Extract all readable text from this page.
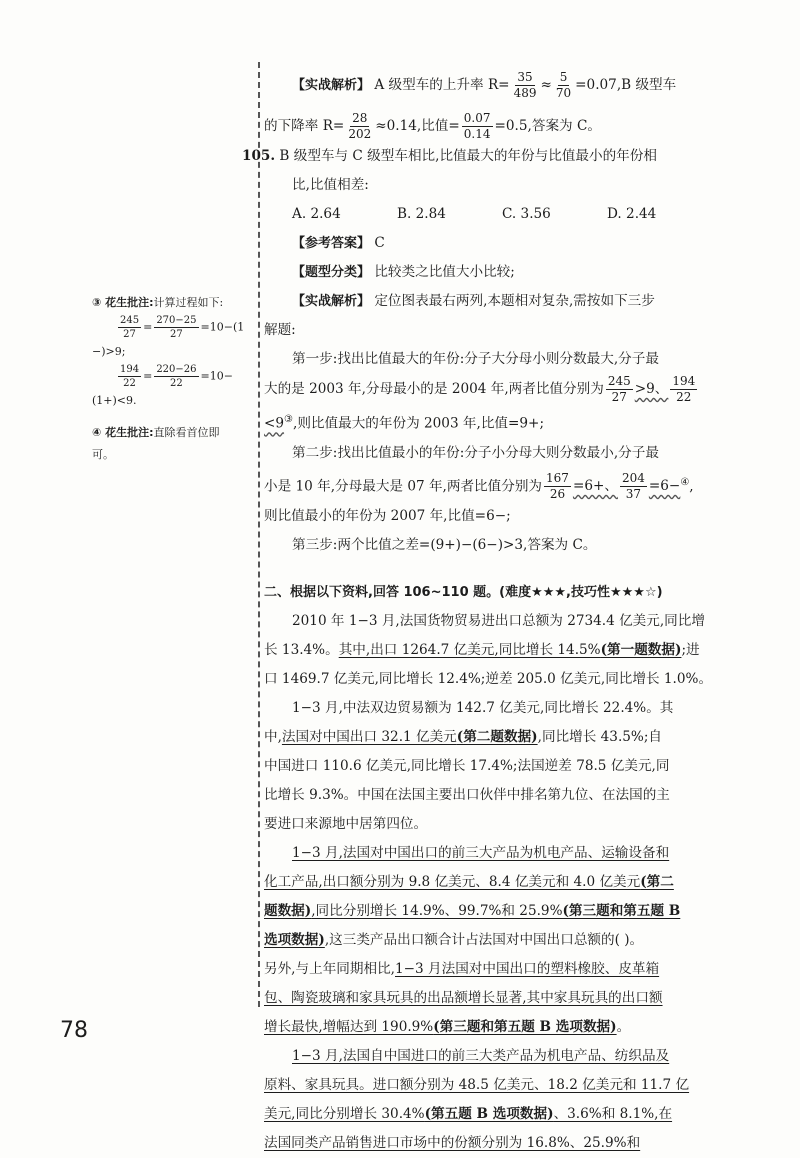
③ 花生批注:计算过程如下:
$\frac{245}{27} = \frac{270-25}{27} =10-(1$
−)>9;
$\frac{194}{22} = \frac{220-26}{22} =10-$
(1+)<9.
④ 花生批注:直除看首位即
可。
【实战解析】 A 级型车的上升率 $R= \frac{35}{489} \approx \frac{5}{70} =0.07,B$ 级型车
的下降率 $R= \frac{28}{202} \approx 0.14$,比值= $\frac{0.07}{0.14} =0.5$,答案为 C。
105. B 级型车与 C 级型车相比,比值最大的年份与比值最小的年份相
比,比值相差:
A. 2.64	B. 2.84	C. 3.56	D. 2.44
【参考答案】 C
【题型分类】 比较类之比值大小比较;
【实战解析】 定位图表最右两列,本题相对复杂,需按如下三步
解题:
第一步:找出比值最大的年份:分子大分母小则分数最大,分子最
大的是 2003 年,分母最小的是 2004 年,两者比值分别为 $\frac{245}{27} >9$、 $\frac{194}{22}$
<9③,则比值最大的年份为 2003 年,比值=9+;
第二步:找出比值最小的年份:分子小分母大则分数最小,分子最
小是 10 年,分母最大是 07 年,两者比值分别为 $\frac{167}{26} =6+$、 $\frac{204}{37}$ =6−④,
则比值最小的年份为 2007 年,比值=6−;
第三步:两个比值之差=(9+)−(6−)>3,答案为 C。
二、根据以下资料,回答 106~110 题。(难度★★★,技巧性★★★☆)
2010 年 1−3 月,法国货物贸易进出口总额为 2734.4 亿美元,同比增
长 13.4%。其中,出口 1264.7 亿美元,同比增长 14.5%(第一题数据);进
口 1469.7 亿美元,同比增长 12.4%;逆差 205.0 亿美元,同比增长 1.0%。
1−3 月,中法双边贸易额为 142.7 亿美元,同比增长 22.4%。其
中,法国对中国出口 32.1 亿美元(第二题数据),同比增长 43.5%;自
中国进口 110.6 亿美元,同比增长 17.4%;法国逆差 78.5 亿美元,同
比增长 9.3%。中国在法国主要出口伙伴中排名第九位、在法国的主
要进口来源地中居第四位。
1−3 月,法国对中国出口的前三大产品为机电产品、运输设备和
化工产品,出口额分别为 9.8 亿美元、8.4 亿美元和 4.0 亿美元(第二
题数据),同比分别增长 14.9%、99.7%和 25.9%(第三题和第五题 B
选项数据),这三类产品出口额合计占法国对中国出口总额的( )。
另外,与上年同期相比,1−3 月法国对中国出口的塑料橡胶、皮革箱
包、陶瓷玻璃和家具玩具的出品额增长显著,其中家具玩具的出口额
增长最快,增幅达到 190.9%(第三题和第五题 B 选项数据)。
1−3 月,法国自中国进口的前三大类产品为机电产品、纺织品及
原料、家具玩具。进口额分别为 48.5 亿美元、18.2 亿美元和 11.7 亿
美元,同比分别增长 30.4%(第五题 B 选项数据)、3.6%和 8.1%,在
法国同类产品销售进口市场中的份额分别为 16.8%、25.9%和
78
